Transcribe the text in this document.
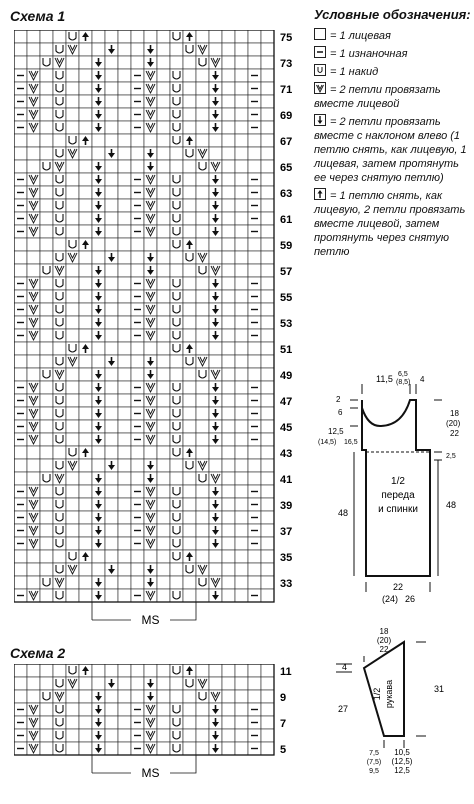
Схема 1
Схема 2
75
73
71
69
67
65
63
61
59
57
55
53
51
49
47
45
43
41
39
37
35
33
MS
11
9
7
5
MS
Условные обозначения:
= 1 лицевая
= 1 изнаночная
= 1 накид
= 2 петли провязать вместе лицевой
= 2 петли провязать вместе с наклоном влево (1 петлю снять, как лицевую, 1 лицевая, затем протянуть ее через снятую петлю)
= 1 петлю снять, как лицевую, 2 петли провязать вместе лицевой, затем протянуть через снятую петлю
11,5 6,5
(8,5) 4
2
6
12,5
(14,5) 16,5
18
(20)
22
2,5
48
48
1/2
переда
и спинки
22
(24) 26
18
(20)
22
4
27
31
1/2 рукава
7,5
(7,5)
9,5
10,5
(12,5)
12,5
